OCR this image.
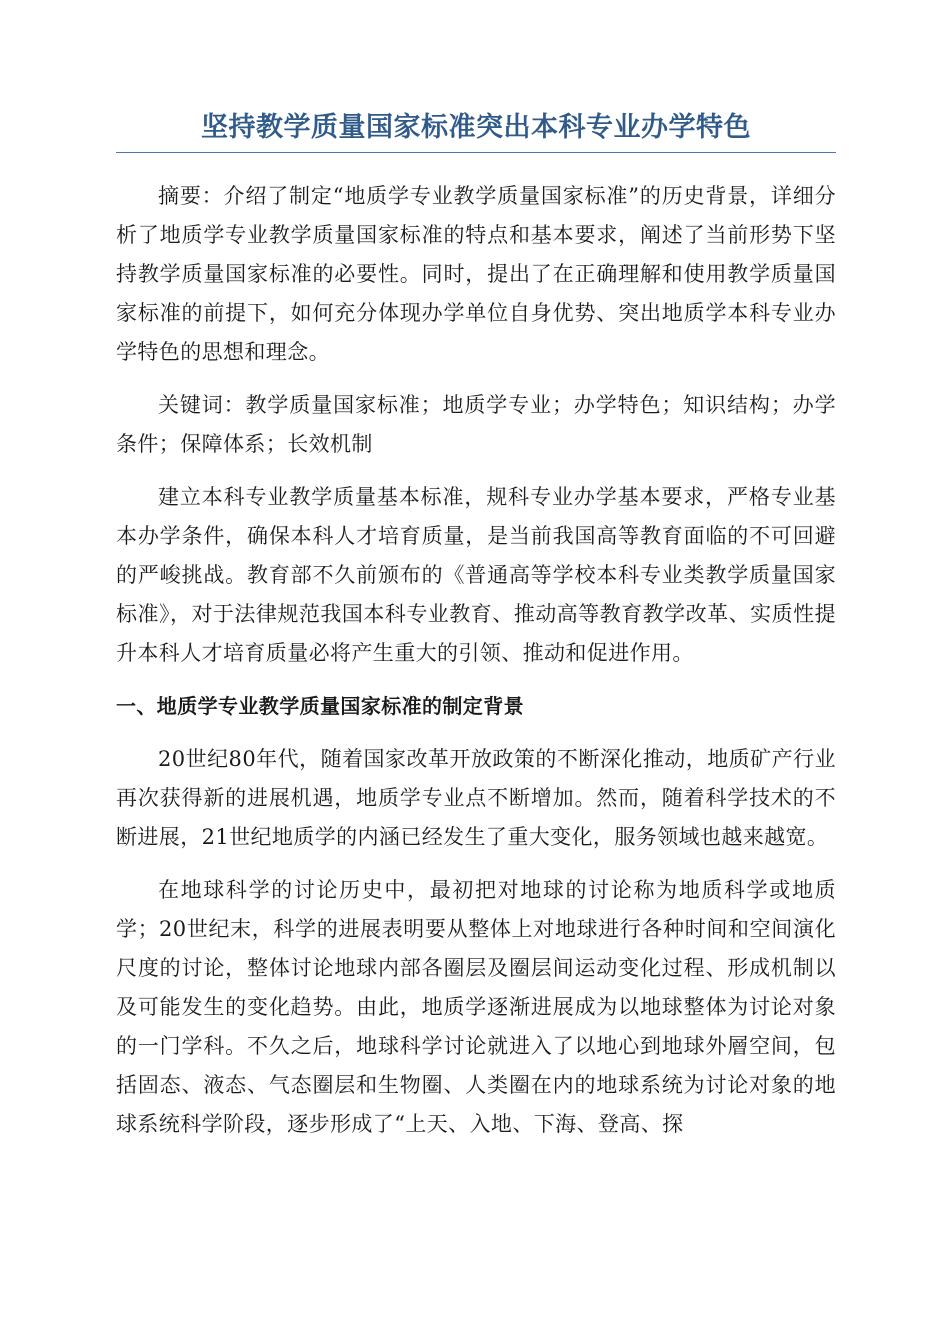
坚持教学质量国家标准突出本科专业办学特色

摘要：介绍了制定“地质学专业教学质量国家标准”的历史背景，详细分析了地质学专业教学质量国家标准的特点和基本要求，阐述了当前形势下坚持教学质量国家标准的必要性。同时，提出了在正确理解和使用教学质量国家标准的前提下，如何充分体现办学单位自身优势、突出地质学本科专业办学特色的思想和理念。

关键词：教学质量国家标准；地质学专业；办学特色；知识结构；办学条件；保障体系；长效机制

建立本科专业教学质量基本标准，规科专业办学基本要求，严格专业基本办学条件，确保本科人才培育质量，是当前我国高等教育面临的不可回避的严峻挑战。教育部不久前颁布的《普通高等学校本科专业类教学质量国家标准》，对于法律规范我国本科专业教育、推动高等教育教学改革、实质性提升本科人才培育质量必将产生重大的引领、推动和促进作用。

一、地质学专业教学质量国家标准的制定背景

20世纪80年代，随着国家改革开放政策的不断深化推动，地质矿产行业再次获得新的进展机遇，地质学专业点不断增加。然而，随着科学技术的不断进展，21世纪地质学的内涵已经发生了重大变化，服务领域也越来越宽。

在地球科学的讨论历史中，最初把对地球的讨论称为地质科学或地质学；20世纪末，科学的进展表明要从整体上对地球进行各种时间和空间演化尺度的讨论，整体讨论地球内部各圈层及圈层间运动变化过程、形成机制以及可能发生的变化趋势。由此，地质学逐渐进展成为以地球整体为讨论对象的一门学科。不久之后，地球科学讨论就进入了以地心到地球外層空间，包括固态、液态、气态圈层和生物圈、人类圈在内的地球系统为讨论对象的地球系统科学阶段，逐步形成了“上天、入地、下海、登高、探
